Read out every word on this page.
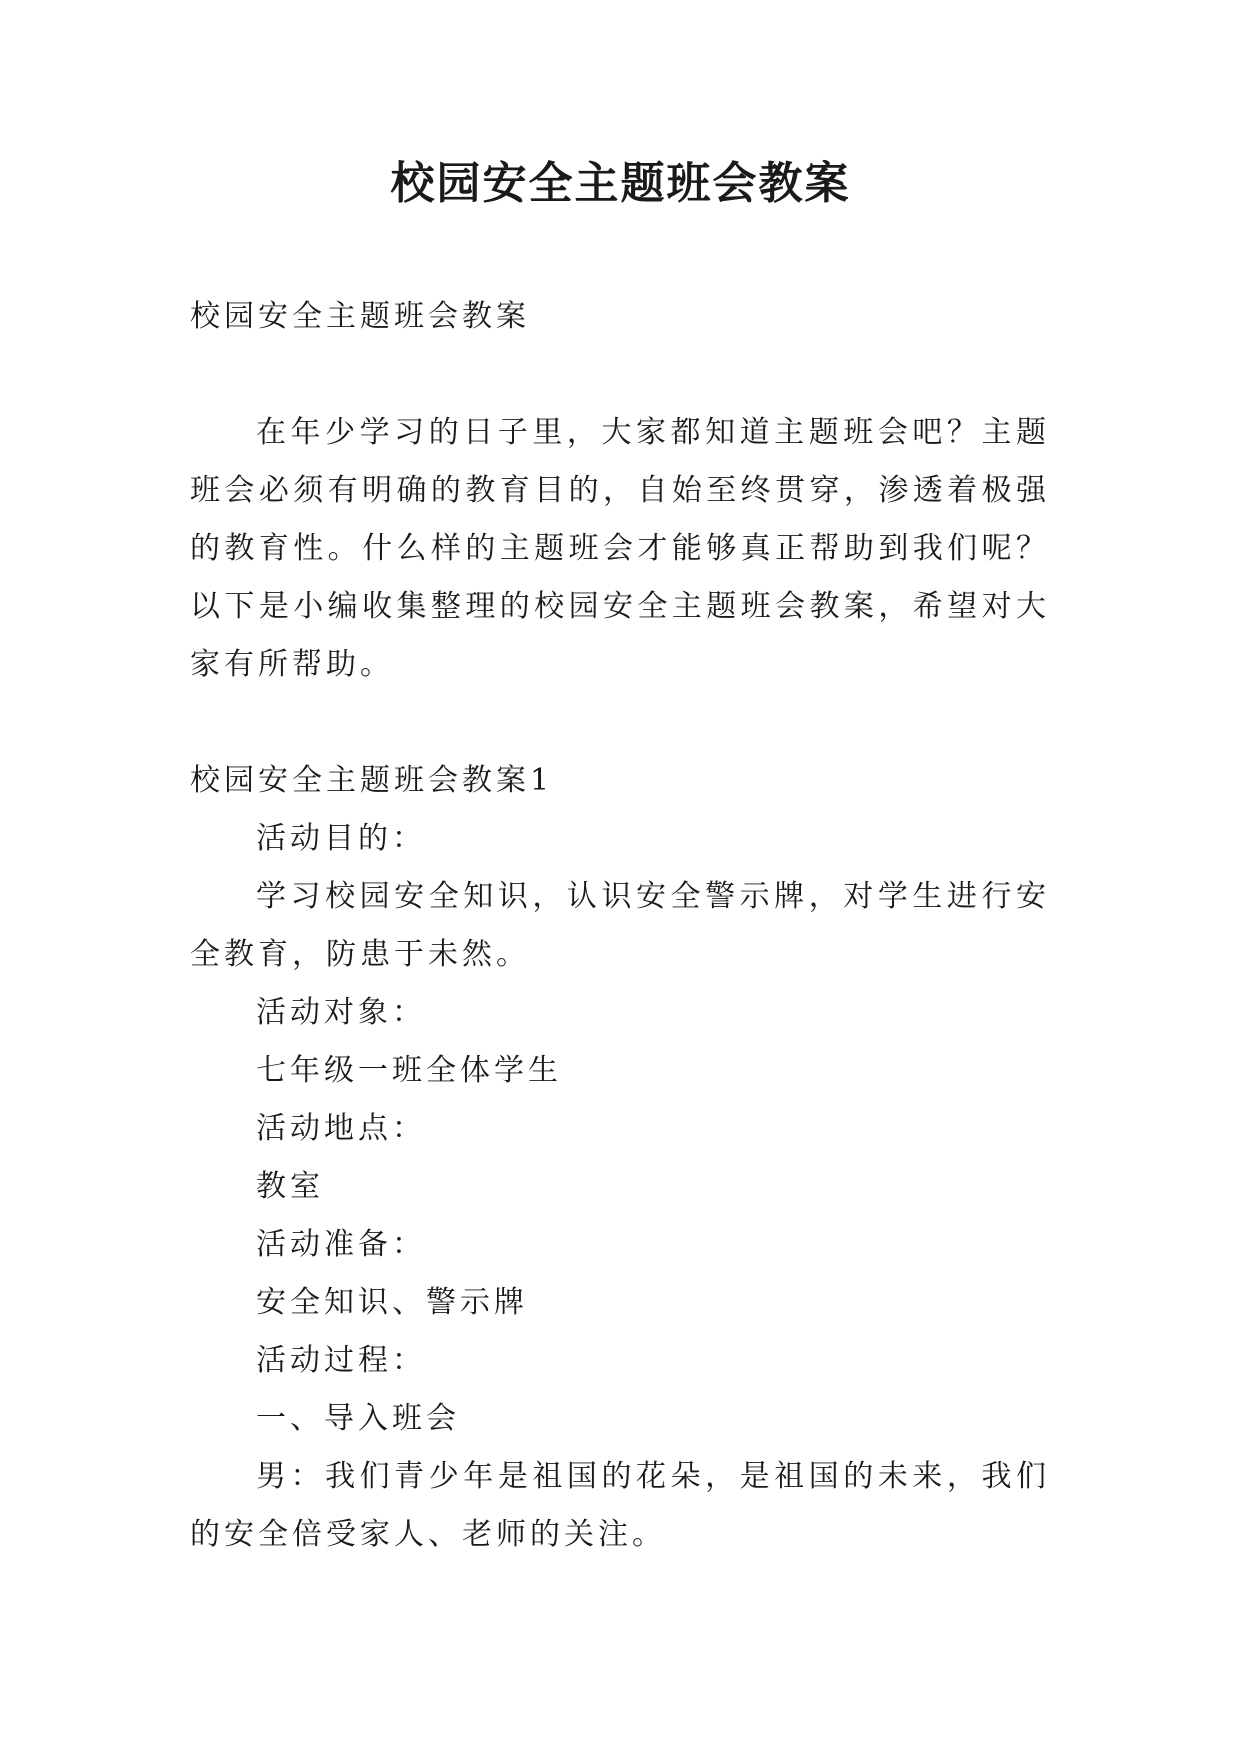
校园安全主题班会教案

校园安全主题班会教案

在年少学习的日子里，大家都知道主题班会吧？主题班会必须有明确的教育目的，自始至终贯穿，渗透着极强的教育性。什么样的主题班会才能够真正帮助到我们呢？以下是小编收集整理的校园安全主题班会教案，希望对大家有所帮助。

校园安全主题班会教案1

活动目的：

学习校园安全知识，认识安全警示牌，对学生进行安全教育，防患于未然。

活动对象：

七年级一班全体学生

活动地点：

教室

活动准备：

安全知识、警示牌

活动过程：

一、导入班会

男：我们青少年是祖国的花朵，是祖国的未来，我们的安全倍受家人、老师的关注。
